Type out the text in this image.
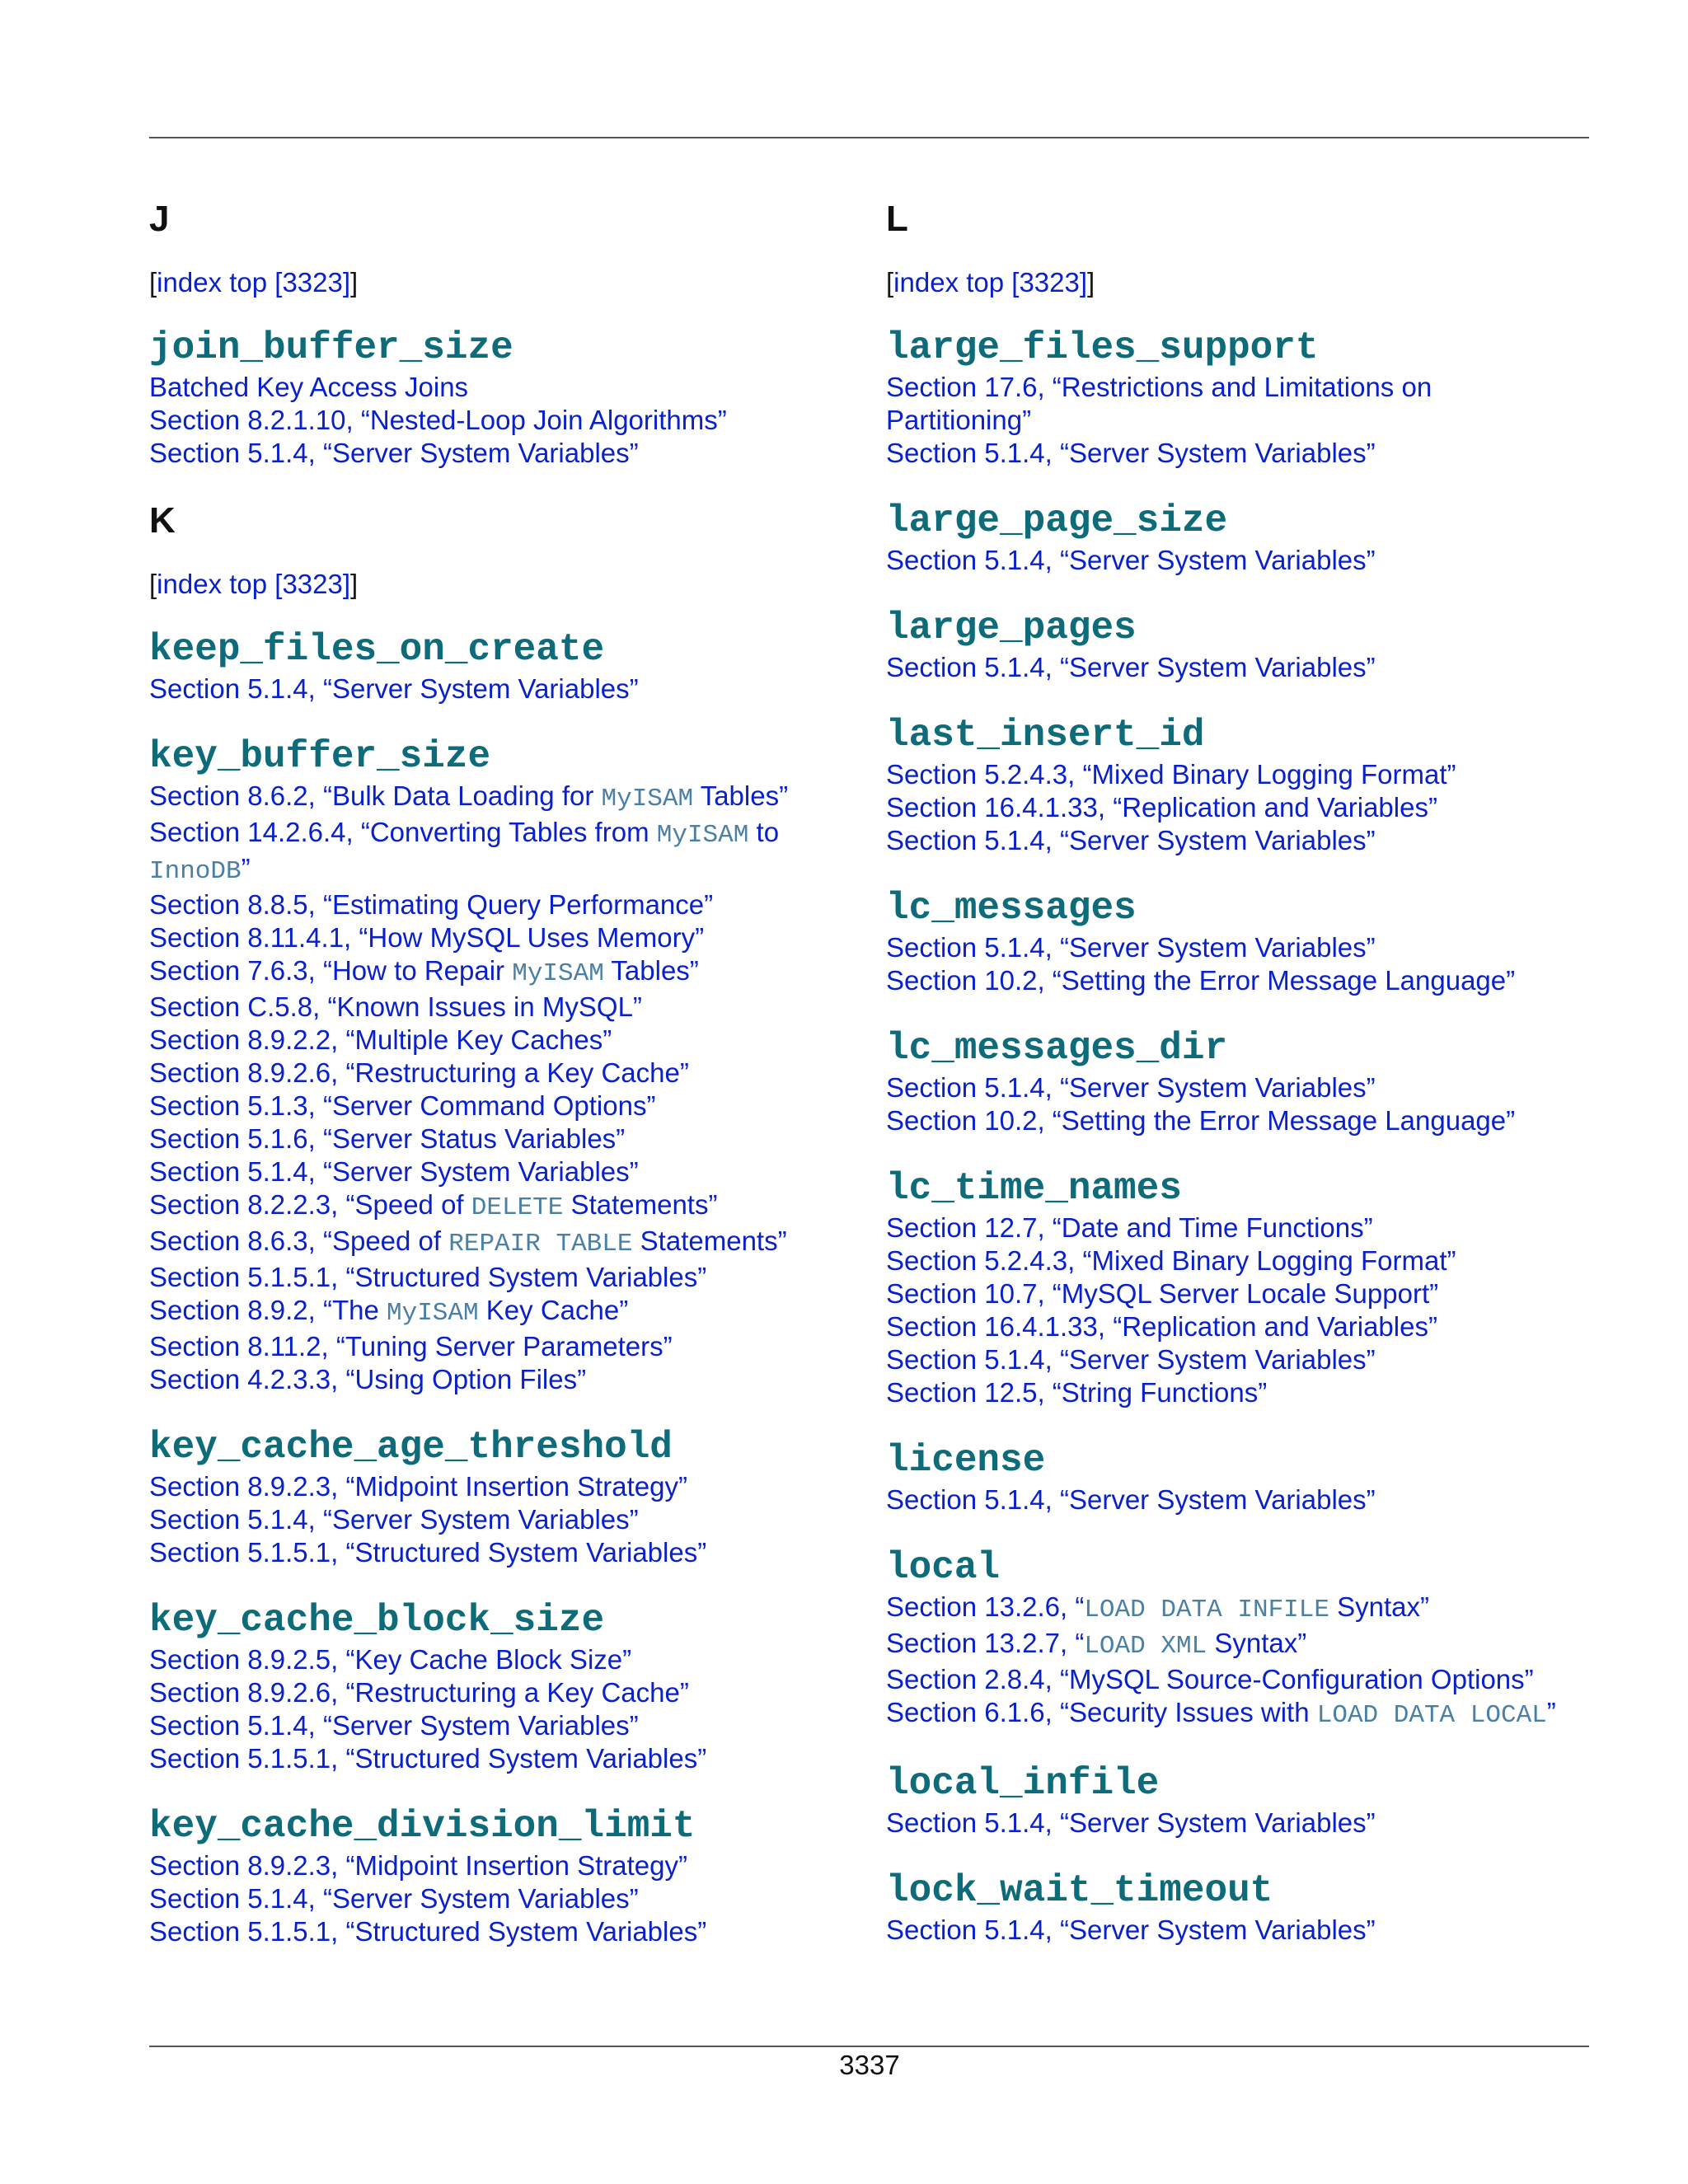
J
[index top [3323]]
join_buffer_size
Batched Key Access Joins
Section 8.2.1.10, “Nested-Loop Join Algorithms”
Section 5.1.4, “Server System Variables”
K
[index top [3323]]
keep_files_on_create
Section 5.1.4, “Server System Variables”
key_buffer_size
Section 8.6.2, “Bulk Data Loading for MyISAM Tables”
Section 14.2.6.4, “Converting Tables from MyISAM to
InnoDB”
Section 8.8.5, “Estimating Query Performance”
Section 8.11.4.1, “How MySQL Uses Memory”
Section 7.6.3, “How to Repair MyISAM Tables”
Section C.5.8, “Known Issues in MySQL”
Section 8.9.2.2, “Multiple Key Caches”
Section 8.9.2.6, “Restructuring a Key Cache”
Section 5.1.3, “Server Command Options”
Section 5.1.6, “Server Status Variables”
Section 5.1.4, “Server System Variables”
Section 8.2.2.3, “Speed of DELETE Statements”
Section 8.6.3, “Speed of REPAIR TABLE Statements”
Section 5.1.5.1, “Structured System Variables”
Section 8.9.2, “The MyISAM Key Cache”
Section 8.11.2, “Tuning Server Parameters”
Section 4.2.3.3, “Using Option Files”
key_cache_age_threshold
Section 8.9.2.3, “Midpoint Insertion Strategy”
Section 5.1.4, “Server System Variables”
Section 5.1.5.1, “Structured System Variables”
key_cache_block_size
Section 8.9.2.5, “Key Cache Block Size”
Section 8.9.2.6, “Restructuring a Key Cache”
Section 5.1.4, “Server System Variables”
Section 5.1.5.1, “Structured System Variables”
key_cache_division_limit
Section 8.9.2.3, “Midpoint Insertion Strategy”
Section 5.1.4, “Server System Variables”
Section 5.1.5.1, “Structured System Variables”
L
[index top [3323]]
large_files_support
Section 17.6, “Restrictions and Limitations on
Partitioning”
Section 5.1.4, “Server System Variables”
large_page_size
Section 5.1.4, “Server System Variables”
large_pages
Section 5.1.4, “Server System Variables”
last_insert_id
Section 5.2.4.3, “Mixed Binary Logging Format”
Section 16.4.1.33, “Replication and Variables”
Section 5.1.4, “Server System Variables”
lc_messages
Section 5.1.4, “Server System Variables”
Section 10.2, “Setting the Error Message Language”
lc_messages_dir
Section 5.1.4, “Server System Variables”
Section 10.2, “Setting the Error Message Language”
lc_time_names
Section 12.7, “Date and Time Functions”
Section 5.2.4.3, “Mixed Binary Logging Format”
Section 10.7, “MySQL Server Locale Support”
Section 16.4.1.33, “Replication and Variables”
Section 5.1.4, “Server System Variables”
Section 12.5, “String Functions”
license
Section 5.1.4, “Server System Variables”
local
Section 13.2.6, “LOAD DATA INFILE Syntax”
Section 13.2.7, “LOAD XML Syntax”
Section 2.8.4, “MySQL Source-Configuration Options”
Section 6.1.6, “Security Issues with LOAD DATA LOCAL”
local_infile
Section 5.1.4, “Server System Variables”
lock_wait_timeout
Section 5.1.4, “Server System Variables”
3337
